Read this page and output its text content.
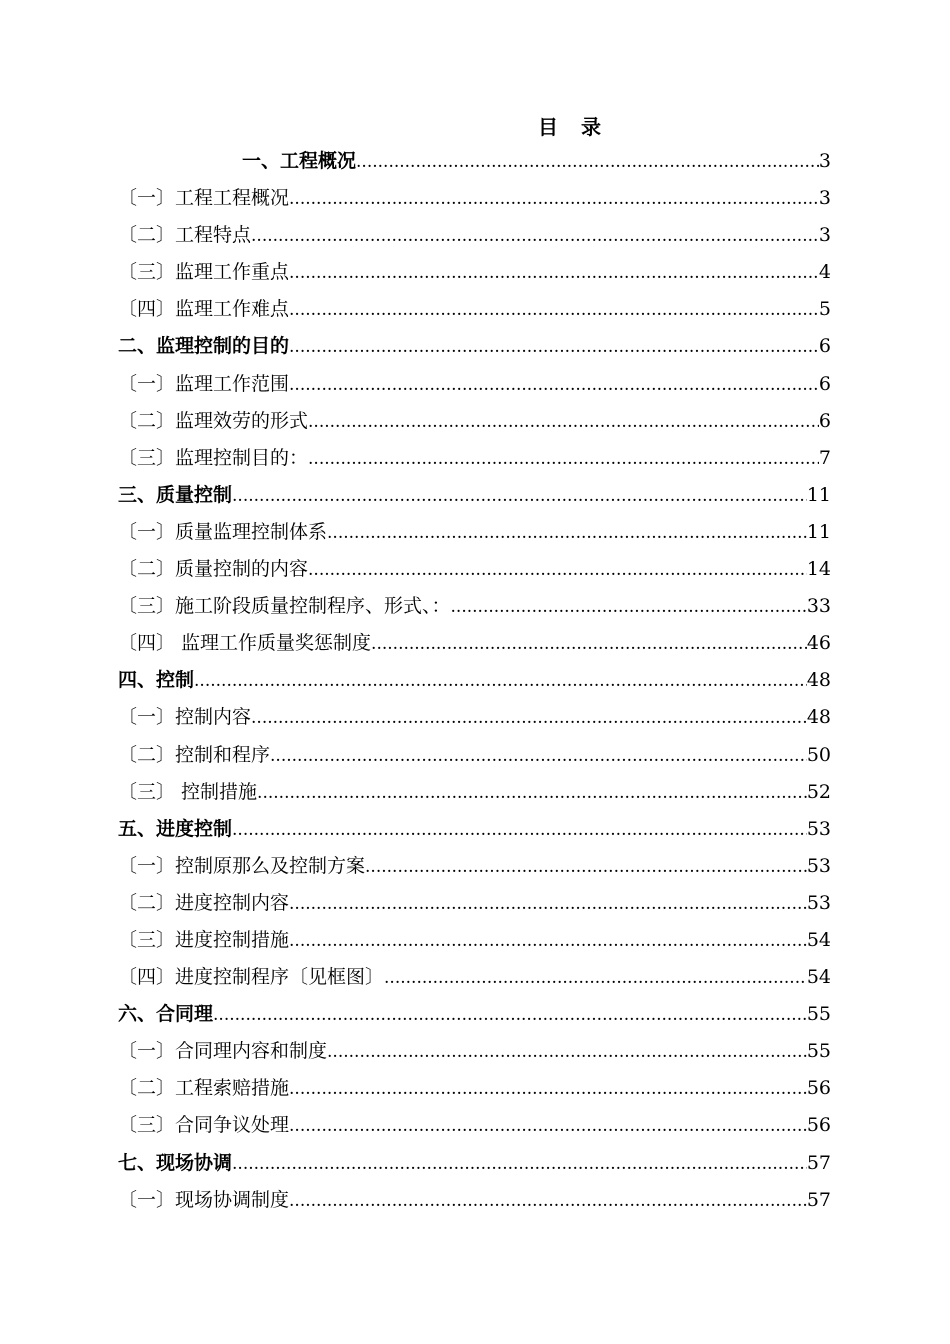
目 录
一、工程概况 .....	3
〔一〕工程工程概况 .....	3
〔二〕工程特点 .....	3
〔三〕监理工作重点 .....	4
〔四〕监理工作难点 .....	5
二、监理控制的目的 .....	6
〔一〕监理工作范围 .....	6
〔二〕监理效劳的形式 .....	6
〔三〕监理控制目的： .....	7
三、质量控制 .....	11
〔一〕质量监理控制体系 .....	11
〔二〕质量控制的内容 .....	14
〔三〕施工阶段质量控制程序、形式、： .....	33
〔四〕 监理工作质量奖惩制度 .....	46
四、控制 .....	48
〔一〕控制内容 .....	48
〔二〕控制和程序 .....	50
〔三〕 控制措施 .....	52
五、进度控制 .....	53
〔一〕控制原那么及控制方案 .....	53
〔二〕进度控制内容 .....	53
〔三〕进度控制措施 .....	54
〔四〕进度控制程序〔见框图〕 .....	54
六、合同理 .....	55
〔一〕合同理内容和制度 .....	55
〔二〕工程索赔措施 .....	56
〔三〕合同争议处理 .....	56
七、现场协调 .....	57
〔一〕现场协调制度 .....	57
